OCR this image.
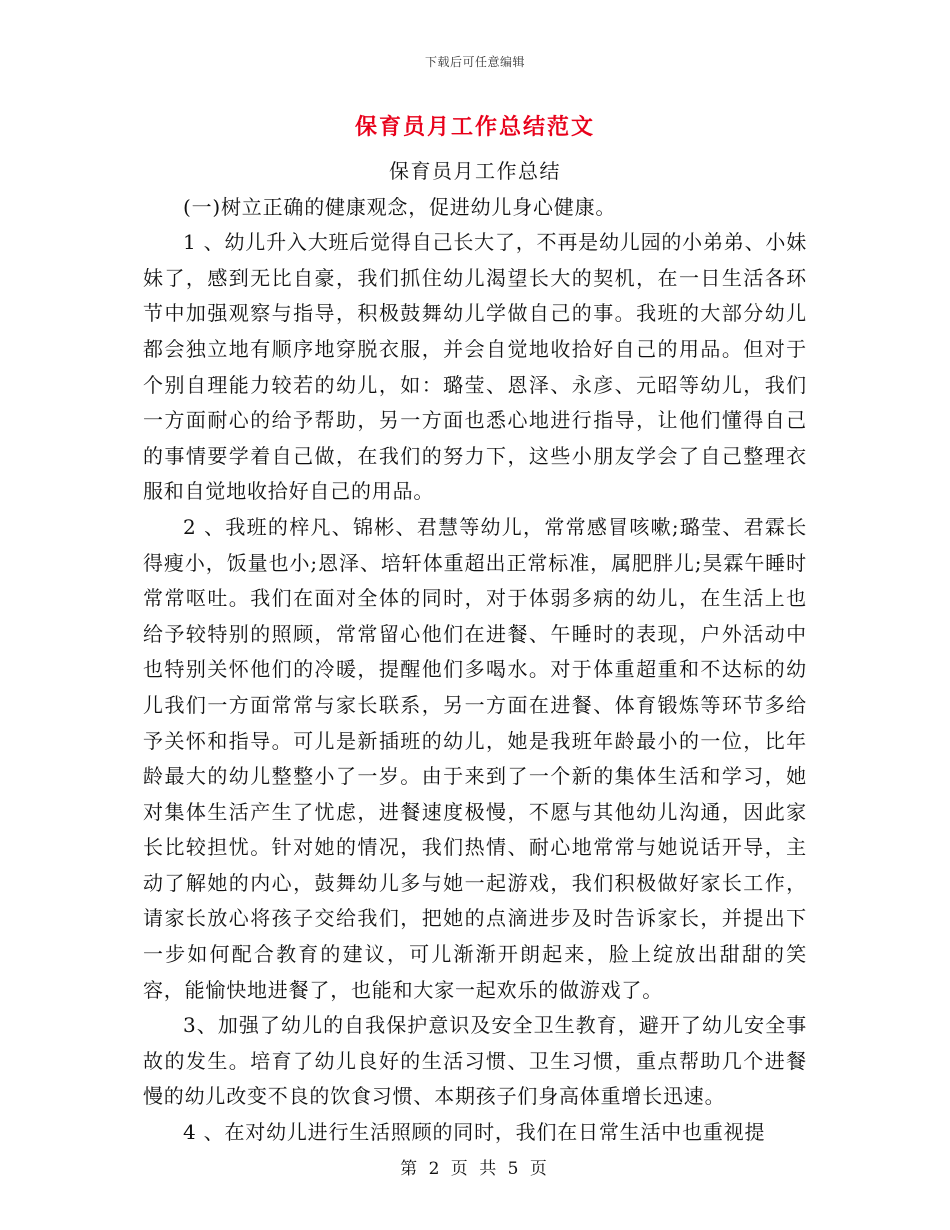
下载后可任意编辑
保育员月工作总结范文

保育员月工作总结

(一)树立正确的健康观念，促进幼儿身心健康。

1 、幼儿升入大班后觉得自己长大了，不再是幼儿园的小弟弟、小妹妹了，感到无比自豪，我们抓住幼儿渴望长大的契机，在一日生活各环节中加强观察与指导，积极鼓舞幼儿学做自己的事。我班的大部分幼儿都会独立地有顺序地穿脱衣服，并会自觉地收拾好自己的用品。但对于个别自理能力较若的幼儿，如：璐莹、恩泽、永彦、元昭等幼儿，我们一方面耐心的给予帮助，另一方面也悉心地进行指导，让他们懂得自己的事情要学着自己做，在我们的努力下，这些小朋友学会了自己整理衣服和自觉地收拾好自己的用品。

2 、我班的梓凡、锦彬、君慧等幼儿，常常感冒咳嗽;璐莹、君霖长得瘦小，饭量也小;恩泽、培轩体重超出正常标准，属肥胖儿;昊霖午睡时常常呕吐。我们在面对全体的同时，对于体弱多病的幼儿，在生活上也给予较特别的照顾，常常留心他们在进餐、午睡时的表现，户外活动中也特别关怀他们的冷暖，提醒他们多喝水。对于体重超重和不达标的幼儿我们一方面常常与家长联系，另一方面在进餐、体育锻炼等环节多给予关怀和指导。可儿是新插班的幼儿，她是我班年龄最小的一位，比年龄最大的幼儿整整小了一岁。由于来到了一个新的集体生活和学习，她对集体生活产生了忧虑，进餐速度极慢，不愿与其他幼儿沟通，因此家长比较担忧。针对她的情况，我们热情、耐心地常常与她说话开导，主动了解她的内心，鼓舞幼儿多与她一起游戏，我们积极做好家长工作，请家长放心将孩子交给我们，把她的点滴进步及时告诉家长，并提出下一步如何配合教育的建议，可儿渐渐开朗起来，脸上绽放出甜甜的笑容，能愉快地进餐了，也能和大家一起欢乐的做游戏了。

3、加强了幼儿的自我保护意识及安全卫生教育，避开了幼儿安全事故的发生。培育了幼儿良好的生活习惯、卫生习惯，重点帮助几个进餐慢的幼儿改变不良的饮食习惯、本期孩子们身高体重增长迅速。

4 、在对幼儿进行生活照顾的同时，我们在日常生活中也重视提

第 2 页 共 5 页
